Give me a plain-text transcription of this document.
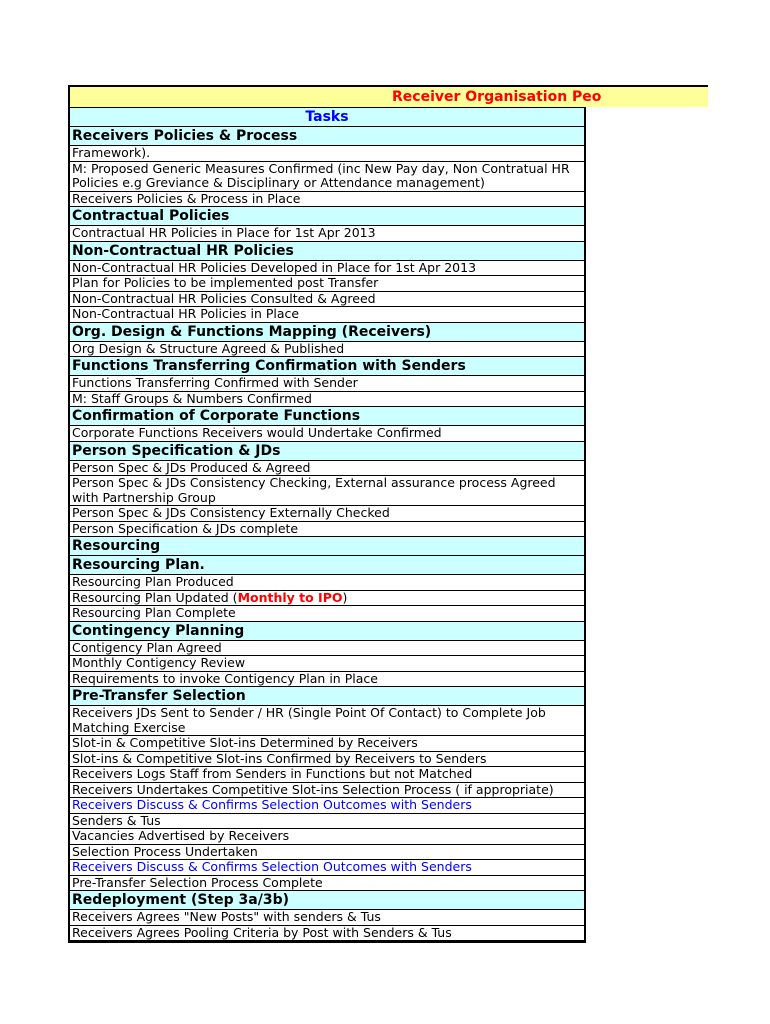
Receiver Organisation Peo
Tasks
Receivers Policies & Process
Framework).
M: Proposed Generic Measures Confirmed (inc New Pay day, Non Contratual HR Policies e.g Greviance & Disciplinary or Attendance management)
Receivers Policies & Process in Place
Contractual Policies
Contractual HR Policies in Place for 1st Apr 2013
Non-Contractual HR Policies
Non-Contractual HR Policies Developed in Place for 1st Apr 2013
Plan for Policies to be implemented post Transfer
Non-Contractual HR Policies Consulted & Agreed
Non-Contractual HR Policies in Place
Org. Design & Functions Mapping (Receivers)
Org Design & Structure Agreed & Published
Functions Transferring Confirmation with Senders
Functions Transferring Confirmed with Sender
M: Staff Groups & Numbers Confirmed
Confirmation of Corporate Functions
Corporate Functions Receivers would Undertake Confirmed
Person Specification & JDs
Person Spec & JDs Produced & Agreed
Person Spec & JDs Consistency Checking, External assurance process Agreed with Partnership Group
Person Spec & JDs Consistency Externally Checked
Person Specification & JDs complete
Resourcing
Resourcing Plan.
Resourcing Plan Produced
Resourcing Plan Updated (Monthly to IPO)
Resourcing Plan Complete
Contingency Planning
Contigency Plan Agreed
Monthly Contigency Review
Requirements to invoke Contigency Plan in Place
Pre-Transfer Selection
Receivers JDs Sent to Sender / HR (Single Point Of Contact) to Complete Job Matching Exercise
Slot-in & Competitive Slot-ins Determined by Receivers
Slot-ins & Competitive Slot-ins Confirmed by Receivers to Senders
Receivers Logs Staff from Senders in Functions but not Matched
Receivers Undertakes Competitive Slot-ins Selection Process ( if appropriate)
Receivers Discuss & Confirms Selection Outcomes with Senders
Senders & Tus
Vacancies Advertised by Receivers
Selection Process Undertaken
Receivers Discuss & Confirms Selection Outcomes with Senders
Pre-Transfer Selection Process Complete
Redeployment (Step 3a/3b)
Receivers Agrees "New Posts" with senders & Tus
Receivers Agrees Pooling Criteria by Post with Senders & Tus
